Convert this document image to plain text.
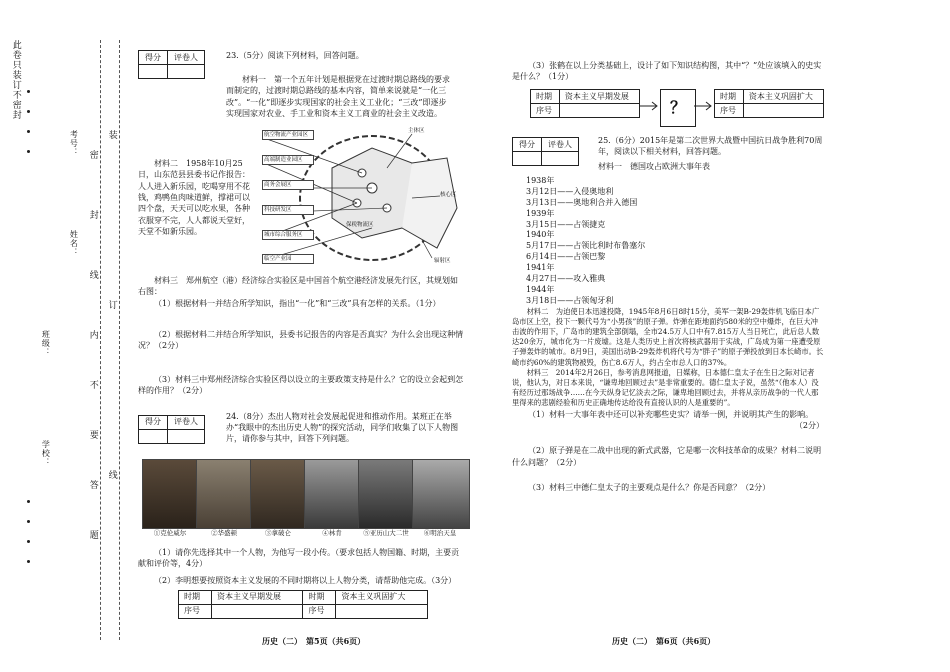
此卷只装订不密封
学校：
班级：
姓名：
考号： 密
封
线
内
不
要
答
题
装
订
线
得分	评卷人
		23.（5分）阅读下列材料，回答问题。

材料一　第一个五年计划是根据党在过渡时期总路线的要求而制定的，过渡时期总路线的基本内容，简单来说就是“一化三改”。“一化”即逐步实现国家的社会主义工业化；“三改”即逐步实现国家对农业、手工业和资本主义工商业的社会主义改造。

材料二　1958年10月25日，山东范县县委书记作报告：人人进入新乐园，吃喝穿用不花钱，鸡鸭鱼肉味道鲜，撑裙可以四个盘，天天可以吃水果，各种衣服穿不完，人人都说天堂好，天堂不如新乐园。

主体区
核心区
辐射区
航空物流产业园区
高端制造业园区
商务会展区
科技研发区
城市综合服务区
临空产业园
保税物流区

材料三　郑州航空（港）经济综合实验区是中国首个航空港经济发展先行区，其规划如右图：

（1）根据材料一并结合所学知识，指出“一化”和“三改”具有怎样的关系。（1分）

（2）根据材料二并结合所学知识，县委书记报告的内容是否真实？为什么会出现这种情况？（2分）

（3）材料三中郑州经济综合实验区得以设立的主要政策支持是什么？它的设立会起到怎样的作用？（2分）

得分	评卷人

24.（8分）杰出人物对社会发展起促进和推动作用。某班正在举办“我眼中的杰出历史人物”的探究活动，同学们收集了以下人物图片，请你参与其中，回答下列问题。

①克伦威尔	②华盛顿	③拿破仑	④林肯	⑤亚历山大二世	⑥明治天皇

（1）请你先选择其中一个人物，为他写一段小传。（要求包括人物国籍、时期，主要贡献和评价等，4分）

（2）李明想要按照资本主义发展的不同时期将以上人物分类，请帮助他完成。（3分）

时期	资本主义早期发展	时期	资本主义巩固扩大
序号		序号	
历史（二）　第5页（共6页）

（3）张鹤在以上分类基础上，设计了如下知识结构图，其中“？”处应该填入的史实是什么？（1分）

时期	资本主义早期发展
序号		？
时期	资本主义巩固扩大
序号	
得分	评卷人
		25.（6分）2015年是第二次世界大战暨中国抗日战争胜利70周年，阅读以下相关材料，回答问题。

材料一　德国攻占欧洲大事年表

1938年

3月12日——入侵奥地利

3月13日——奥地利合并入德国

1939年

3月15日——占领捷克

1940年

5月17日——占领比利时布鲁塞尔

6月14日——占领巴黎

1941年

4月27日——攻入雅典

1944年

3月18日——占领匈牙利

材料二　为迫使日本迅速投降，1945年8月6日8时15分，美军一架B-29轰炸机飞临日本广岛市区上空，投下一颗代号为“小男孩”的原子弹。炸弹在距地面约580米的空中爆炸，在巨大冲击波的作用下，广岛市的建筑全部倒塌，全市24.5万人口中有7.815万人当日死亡，此后总人数达20余万，城市化为一片废墟。这是人类历史上首次将核武器用于实战，广岛成为第一座遭受原子弹轰炸的城市。8月9日，美国出动B-29轰炸机将代号为“胖子”的原子弹投放到日本长崎市。长崎市约60%的建筑物被毁，伤亡8.6万人，约占全市总人口的37%。

材料三　2014年2月26日，参考消息网报道，日媒称，日本德仁皇太子在生日之际对记者说，他认为，对日本来说，“谦卑地回顾过去”是非常重要的。德仁皇太子说，虽然“（他本人）没有经历过那场战争……在今天纵身记忆淡去之际，谦卑地回顾过去，并将从亲历战争的一代人那里得来的悲剧经验和历史正确地传达给没有直接认识的人是重要的”。

（1）材料一大事年表中还可以补充哪些史实？请举一例，并说明其产生的影响。

（2分）

（2）原子弹是在二战中出现的新式武器，它是哪一次科技革命的成果？材料二说明什么问题？（2分）

（3）材料三中德仁皇太子的主要观点是什么？你是否同意？（2分）

历史（二）　第6页（共6页）
